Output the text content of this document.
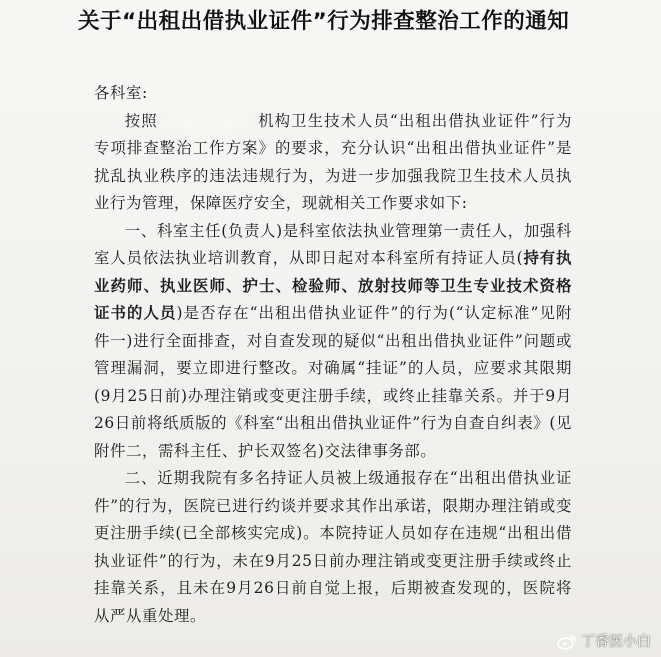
关于“出租出借执业证件”行为排查整治工作的通知

各科室:

按照	机构卫生技术人员“出租出借执业证件”行为专项排查整治工作方案》的要求，充分认识“出租出借执业证件”是扰乱执业秩序的违法违规行为，为进一步加强我院卫生技术人员执业行为管理，保障医疗安全，现就相关工作要求如下:

一、科室主任(负责人)是科室依法执业管理第一责任人，加强科室人员依法执业培训教育，从即日起对本科室所有持证人员(持有执业药师、执业医师、护士、检验师、放射技师等卫生专业技术资格证书的人员)是否存在“出租出借执业证件”的行为(“认定标准”见附件一)进行全面排查，对自查发现的疑似“出租出借执业证件”问题或管理漏洞，要立即进行整改。对确属“挂证”的人员，应要求其限期(9月25日前)办理注销或变更注册手续，或终止挂靠关系。并于9月26日前将纸质版的《科室“出租出借执业证件”行为自查自纠表》(见附件二，需科主任、护长双签名)交法律事务部。

二、近期我院有多名持证人员被上级通报存在“出租出借执业证件”的行为，医院已进行约谈并要求其作出承诺，限期办理注销或变更注册手续(已全部核实完成)。本院持证人员如存在违规“出租出借执业证件”的行为，未在9月25日前办理注销或变更注册手续或终止挂靠关系，且未在9月26日前自觉上报，后期被查发现的，医院将从严从重处理。

丁香医小白
